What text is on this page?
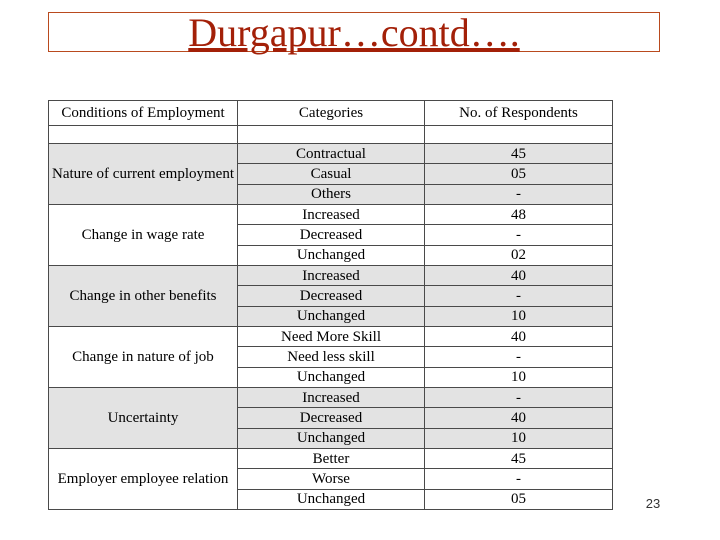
Durgapur…contd….
Conditions of Employment	Categories	No. of Respondents

Nature of current employment	Contractual	45
	Casual	05
	Others	-
Change in wage rate	Increased	48
	Decreased	-
	Unchanged	02
Change in other benefits	Increased	40
	Decreased	-
	Unchanged	10
Change in nature of job	Need More Skill	40
	Need less skill	-
	Unchanged	10
Uncertainty	Increased	-
	Decreased	40
	Unchanged	10
Employer employee relation	Better	45
	Worse	-
	Unchanged	05	23
